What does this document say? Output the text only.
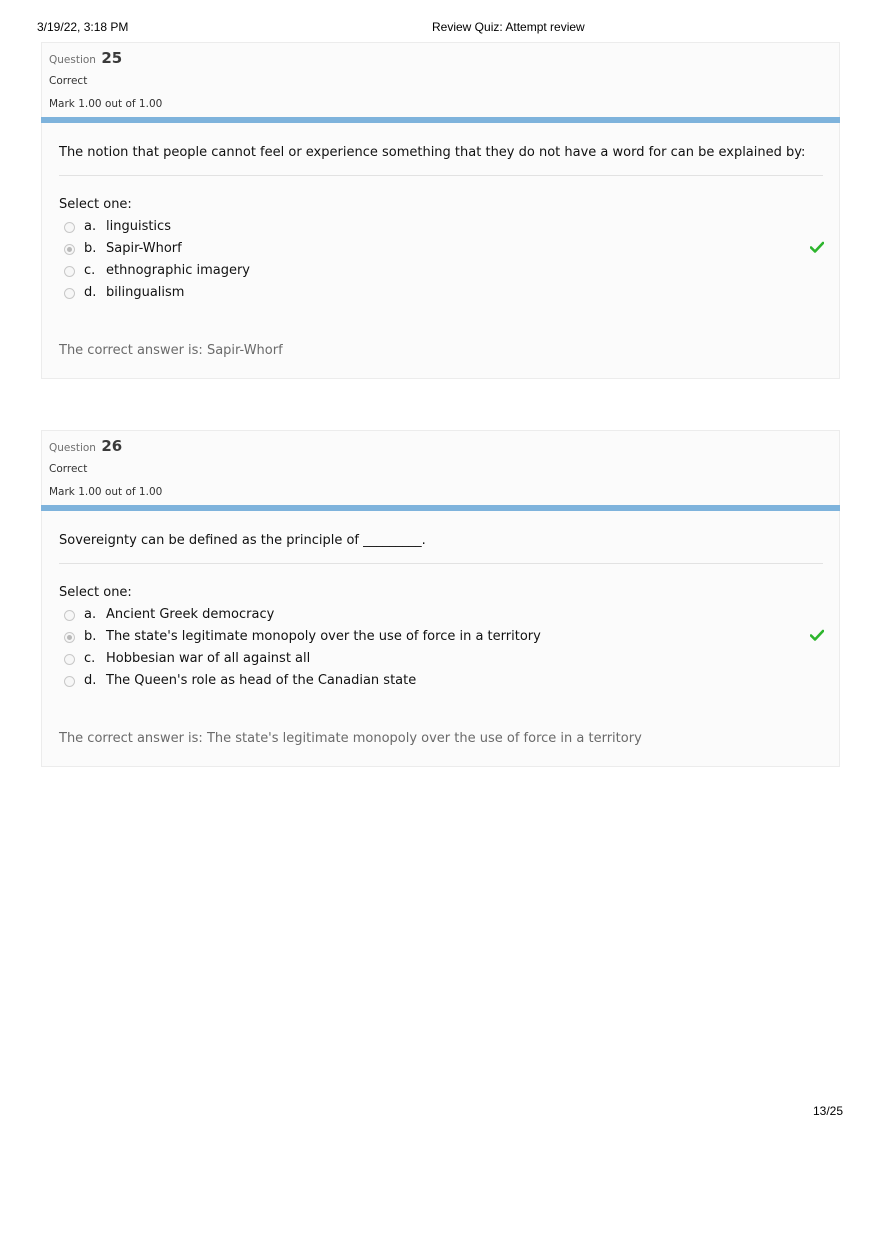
3/19/22, 3:18 PM	Review Quiz: Attempt review
Question 25
Correct
Mark 1.00 out of 1.00
The notion that people cannot feel or experience something that they do not have a word for can be explained by:
Select one:
a. linguistics
b. Sapir-Whorf
c. ethnographic imagery
d. bilingualism
The correct answer is: Sapir-Whorf
Question 26
Correct
Mark 1.00 out of 1.00
Sovereignty can be defined as the principle of _________.
Select one:
a. Ancient Greek democracy
b. The state's legitimate monopoly over the use of force in a territory
c. Hobbesian war of all against all
d. The Queen's role as head of the Canadian state
The correct answer is: The state's legitimate monopoly over the use of force in a territory
13/25
